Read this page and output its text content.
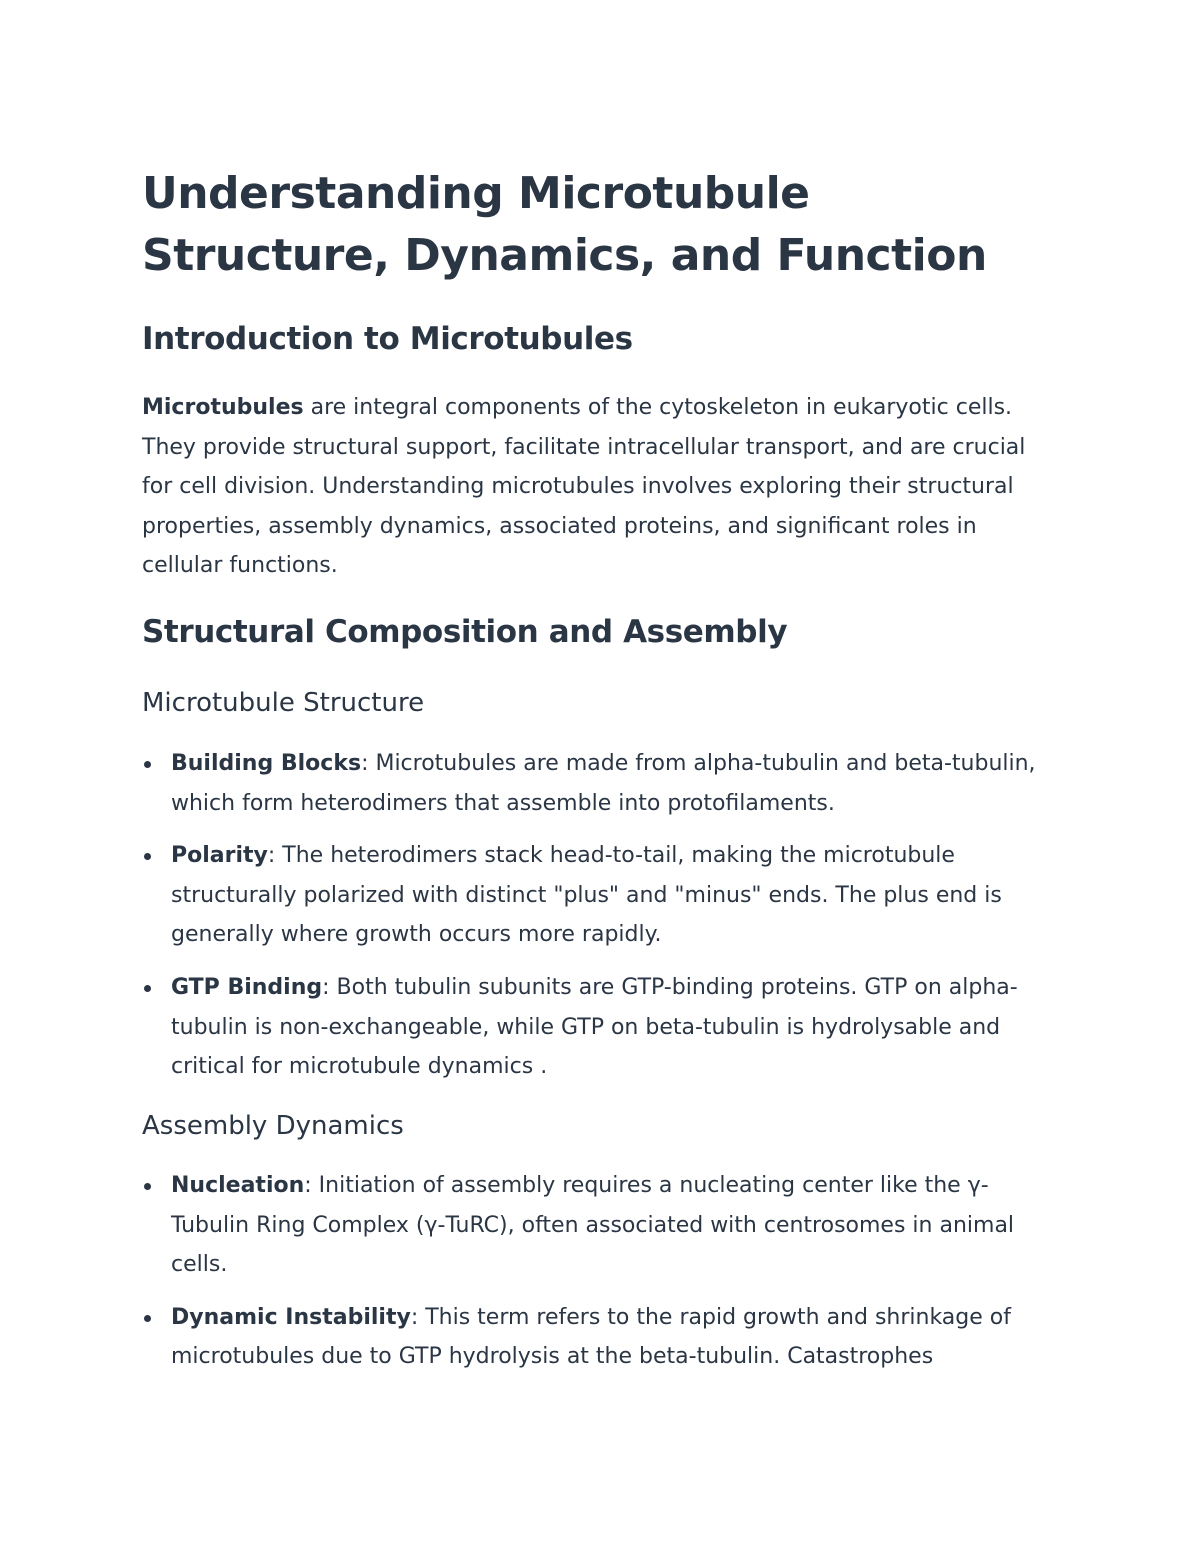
Understanding Microtubule Structure, Dynamics, and Function
Introduction to Microtubules

Microtubules are integral components of the cytoskeleton in eukaryotic cells. They provide structural support, facilitate intracellular transport, and are crucial for cell division. Understanding microtubules involves exploring their structural properties, assembly dynamics, associated proteins, and significant roles in cellular functions.

Structural Composition and Assembly
Microtubule Structure
Building Blocks: Microtubules are made from alpha-tubulin and beta-tubulin, which form heterodimers that assemble into protofilaments.
Polarity: The heterodimers stack head-to-tail, making the microtubule structurally polarized with distinct "plus" and "minus" ends. The plus end is generally where growth occurs more rapidly.
GTP Binding: Both tubulin subunits are GTP-binding proteins. GTP on alpha-tubulin is non-exchangeable, while GTP on beta-tubulin is hydrolysable and critical for microtubule dynamics .
Assembly Dynamics
Nucleation: Initiation of assembly requires a nucleating center like the γ-Tubulin Ring Complex (γ-TuRC), often associated with centrosomes in animal cells.
Dynamic Instability: This term refers to the rapid growth and shrinkage of microtubules due to GTP hydrolysis at the beta-tubulin. Catastrophes
